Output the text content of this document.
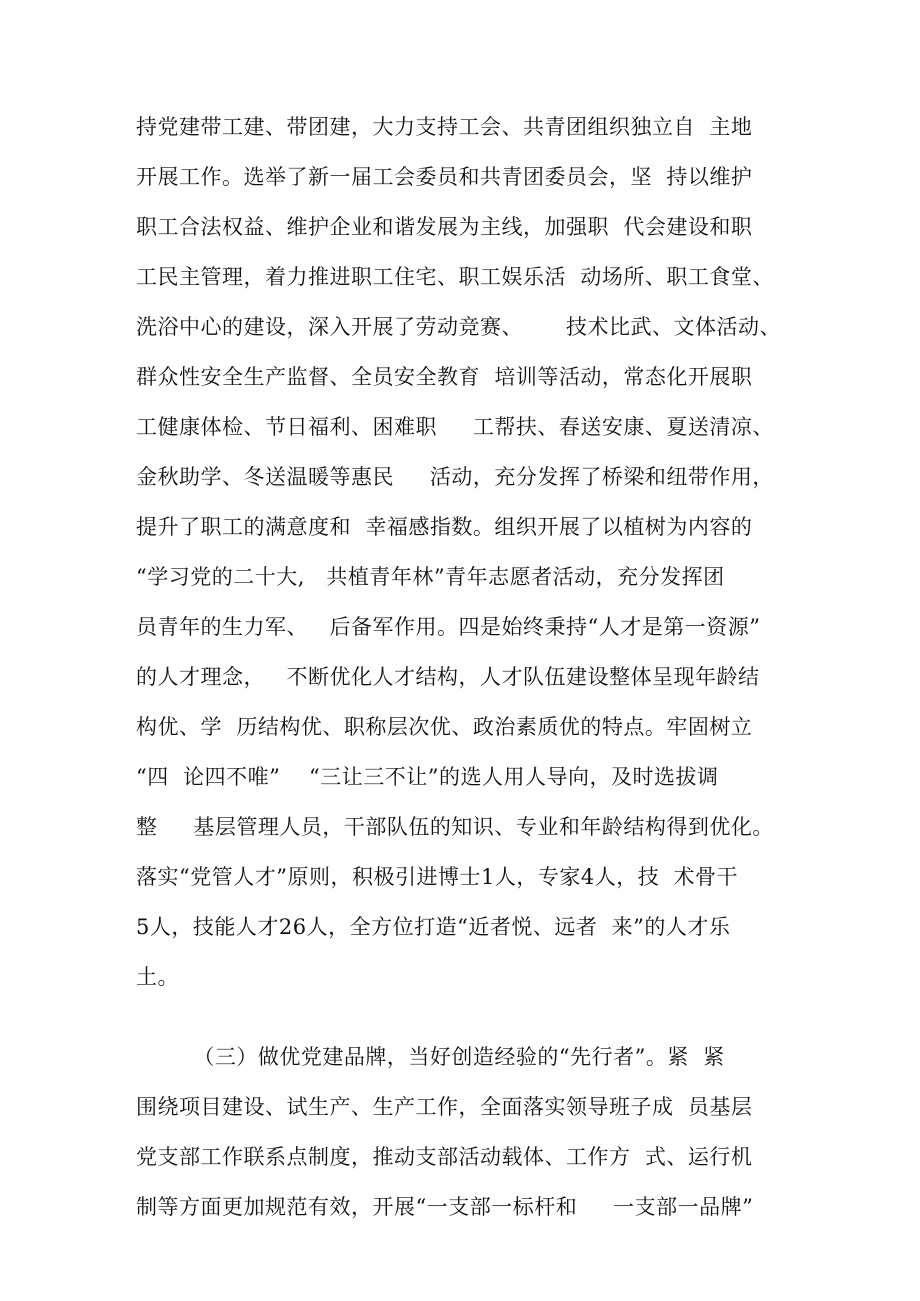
持党建带工建、带团建，大力支持工会、共青团组织独立自  主地
开展工作。选举了新一届工会委员和共青团委员会，坚  持以维护
职工合法权益、维护企业和谐发展为主线，加强职  代会建设和职
工民主管理，着力推进职工住宅、职工娱乐活  动场所、职工食堂、
洗浴中心的建设，深入开展了劳动竞赛、      技术比武、文体活动、
群众性安全生产监督、全员安全教育  培训等活动，常态化开展职
工健康体检、节日福利、困难职     工帮扶、春送安康、夏送清凉、
金秋助学、冬送温暖等惠民     活动，充分发挥了桥梁和纽带作用，
提升了职工的满意度和  幸福感指数。组织开展了以植树为内容的
“学习党的二十大,   共植青年林”青年志愿者活动，充分发挥团
员青年的生力军、   后备军作用。四是始终秉持“人才是第一资源”
的人才理念，   不断优化人才结构，人才队伍建设整体呈现年龄结
构优、学  历结构优、职称层次优、政治素质优的特点。牢固树立
“四  论四不唯”    “三让三不让”的选人用人导向，及时选拔调
整     基层管理人员，干部队伍的知识、专业和年龄结构得到优化。
落实“党管人才”原则，积极引进博士1人，专家4人，技  术骨干
5人，技能人才26人，全方位打造“近者悦、远者  来”的人才乐
土。
（三）做优党建品牌，当好创造经验的“先行者”。紧  紧
围绕项目建设、试生产、生产工作，全面落实领导班子成  员基层
党支部工作联系点制度，推动支部活动载体、工作方  式、运行机
制等方面更加规范有效，开展“一支部一标杆和     一支部一品牌”
